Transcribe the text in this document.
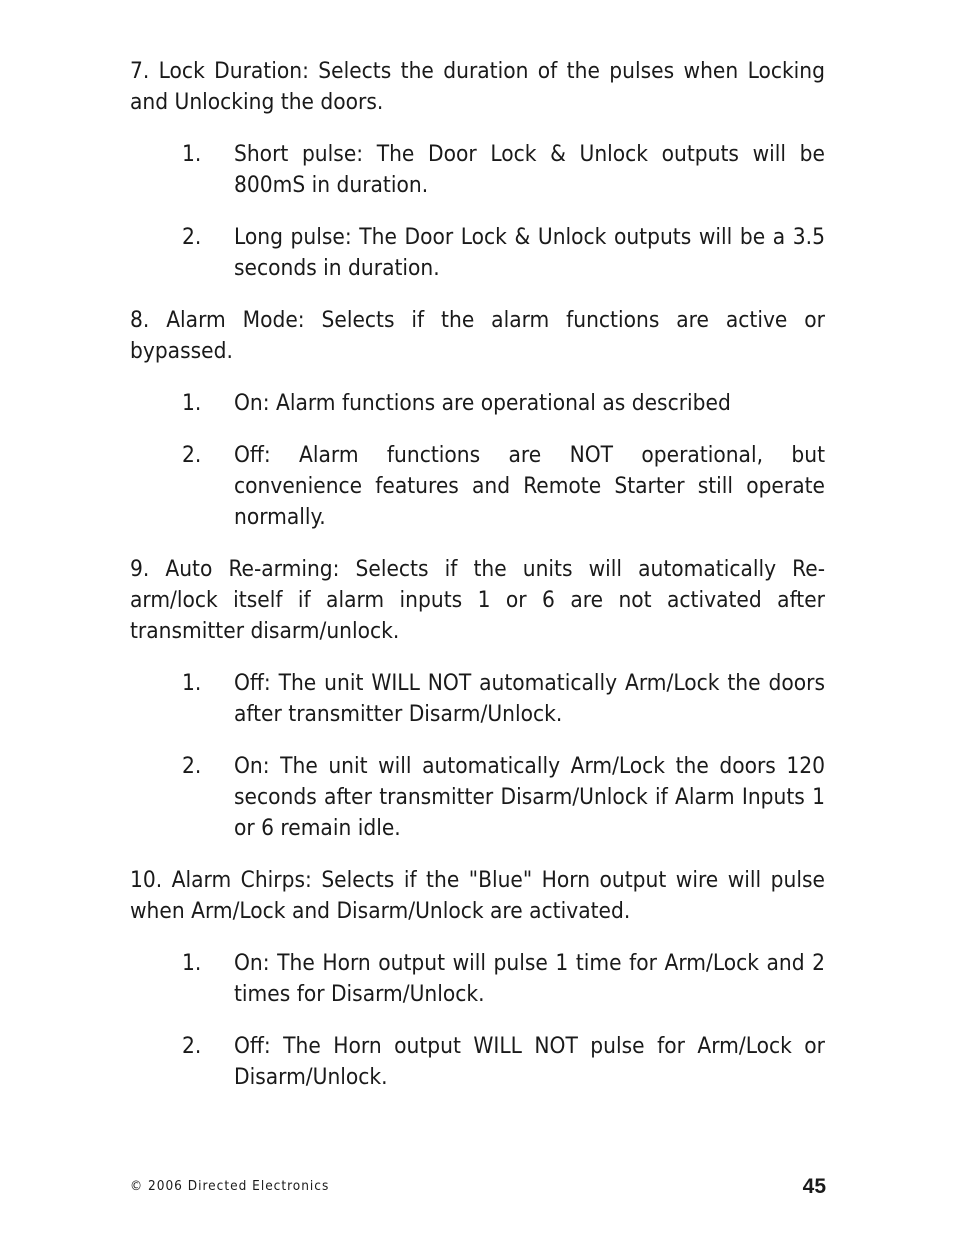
7. Lock Duration: Selects the duration of the pulses when Locking and Unlocking the doors.

1.	Short pulse: The Door Lock & Unlock outputs will be 800mS in duration.
2.	Long pulse: The Door Lock & Unlock outputs will be a 3.5 seconds in duration.

8. Alarm Mode: Selects if the alarm functions are active or bypassed.

1.	On: Alarm functions are operational as described
2.	Off: Alarm functions are NOT operational, but convenience features and Remote Starter still operate normally.

9. Auto Re-arming: Selects if the units will automatically Re-arm/lock itself if alarm inputs 1 or 6 are not activated after transmitter disarm/unlock.

1.	Off: The unit WILL NOT automatically Arm/Lock the doors after transmitter Disarm/Unlock.
2.	On: The unit will automatically Arm/Lock the doors 120 seconds after transmitter Disarm/Unlock if Alarm Inputs 1 or 6 remain idle.

10. Alarm Chirps: Selects if the "Blue" Horn output wire will pulse when Arm/Lock and Disarm/Unlock are activated.

1.	On: The Horn output will pulse 1 time for Arm/Lock and 2 times for Disarm/Unlock.
2.	Off: The Horn output WILL NOT pulse for Arm/Lock or Disarm/Unlock.
© 2006 Directed Electronics	45
